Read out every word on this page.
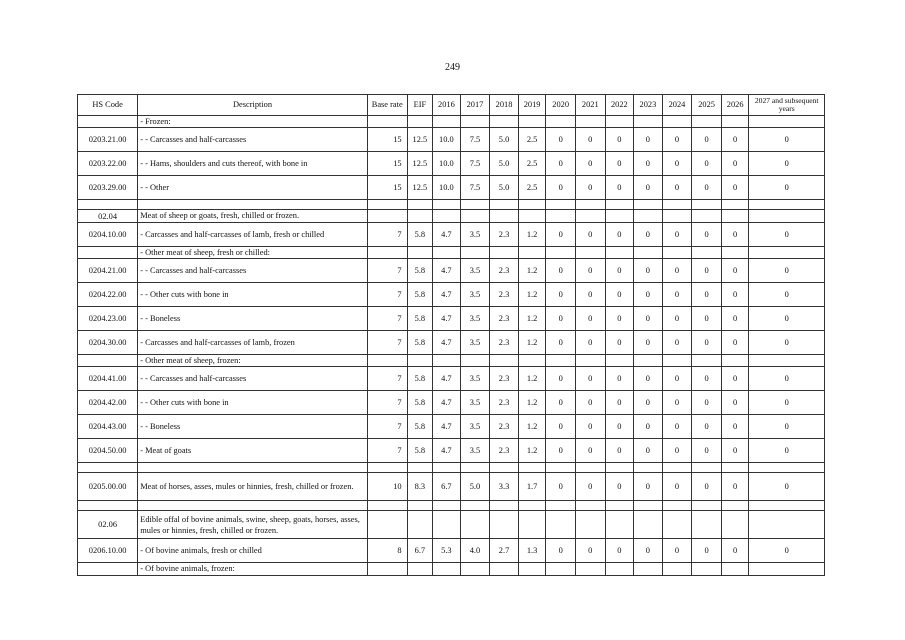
249
HS Code	Description	Base rate	EIF	2016	2017	2018	2019	2020	2021	2022	2023	2024	2025	2026	2027 and subsequent years
	- Frozen:														
0203.21.00	- - Carcasses and half-carcasses	15	12.5	10.0	7.5	5.0	2.5	0	0	0	0	0	0	0	0
0203.22.00	- - Hams, shoulders and cuts thereof, with bone in	15	12.5	10.0	7.5	5.0	2.5	0	0	0	0	0	0	0	0
0203.29.00	- - Other	15	12.5	10.0	7.5	5.0	2.5	0	0	0	0	0	0	0	0

02.04	Meat of sheep or goats, fresh, chilled or frozen.														
0204.10.00	- Carcasses and half-carcasses of lamb, fresh or chilled	7	5.8	4.7	3.5	2.3	1.2	0	0	0	0	0	0	0	0
	- Other meat of sheep, fresh or chilled:														
0204.21.00	- - Carcasses and half-carcasses	7	5.8	4.7	3.5	2.3	1.2	0	0	0	0	0	0	0	0
0204.22.00	- - Other cuts with bone in	7	5.8	4.7	3.5	2.3	1.2	0	0	0	0	0	0	0	0
0204.23.00	- - Boneless	7	5.8	4.7	3.5	2.3	1.2	0	0	0	0	0	0	0	0
0204.30.00	- Carcasses and half-carcasses of lamb, frozen	7	5.8	4.7	3.5	2.3	1.2	0	0	0	0	0	0	0	0
	- Other meat of sheep, frozen:														
0204.41.00	- - Carcasses and half-carcasses	7	5.8	4.7	3.5	2.3	1.2	0	0	0	0	0	0	0	0
0204.42.00	- - Other cuts with bone in	7	5.8	4.7	3.5	2.3	1.2	0	0	0	0	0	0	0	0
0204.43.00	- - Boneless	7	5.8	4.7	3.5	2.3	1.2	0	0	0	0	0	0	0	0
0204.50.00	- Meat of goats	7	5.8	4.7	3.5	2.3	1.2	0	0	0	0	0	0	0	0

0205.00.00	Meat of horses, asses, mules or hinnies, fresh, chilled or frozen.	10	8.3	6.7	5.0	3.3	1.7	0	0	0	0	0	0	0	0

02.06	Edible offal of bovine animals, swine, sheep, goats, horses, asses, mules or hinnies, fresh, chilled or frozen.														
0206.10.00	- Of bovine animals, fresh or chilled	8	6.7	5.3	4.0	2.7	1.3	0	0	0	0	0	0	0	0
	- Of bovine animals, frozen:														
